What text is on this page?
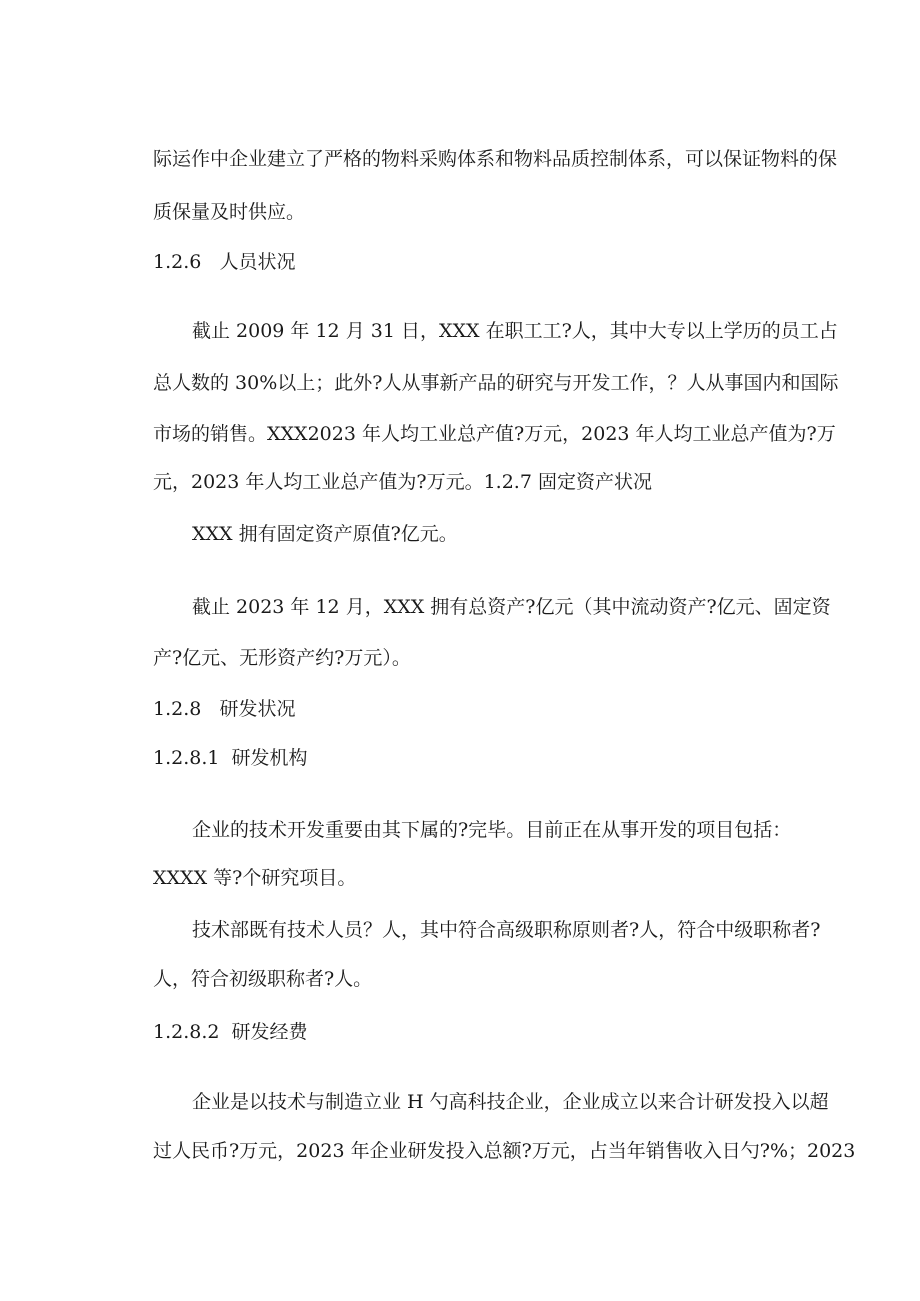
际运作中企业建立了严格的物料采购体系和物料品质控制体系，可以保证物料的保
质保量及时供应。
1.2.6   人员状况
截止 2009 年 12 月 31 日，XXX 在职工工?人，其中大专以上学历的员工占
总人数的 30%以上；此外?人从事新产品的研究与开发工作，？人从事国内和国际
市场的销售。XXX2023 年人均工业总产值?万元，2023 年人均工业总产值为?万
元，2023 年人均工业总产值为?万元。1.2.7 固定资产状况
XXX 拥有固定资产原值?亿元。
截止 2023 年 12 月，XXX 拥有总资产?亿元（其中流动资产?亿元、固定资
产?亿元、无形资产约?万元）。
1.2.8   研发状况
1.2.8.1  研发机构
企业的技术开发重要由其下属的?完毕。目前正在从事开发的项目包括：
XXXX 等?个研究项目。
技术部既有技术人员？人，其中符合高级职称原则者?人，符合中级职称者?
人，符合初级职称者?人。
1.2.8.2  研发经费
企业是以技术与制造立业 H 勺高科技企业，企业成立以来合计研发投入以超
过人民币?万元，2023 年企业研发投入总额?万元，占当年销售收入日勺?%；2023
